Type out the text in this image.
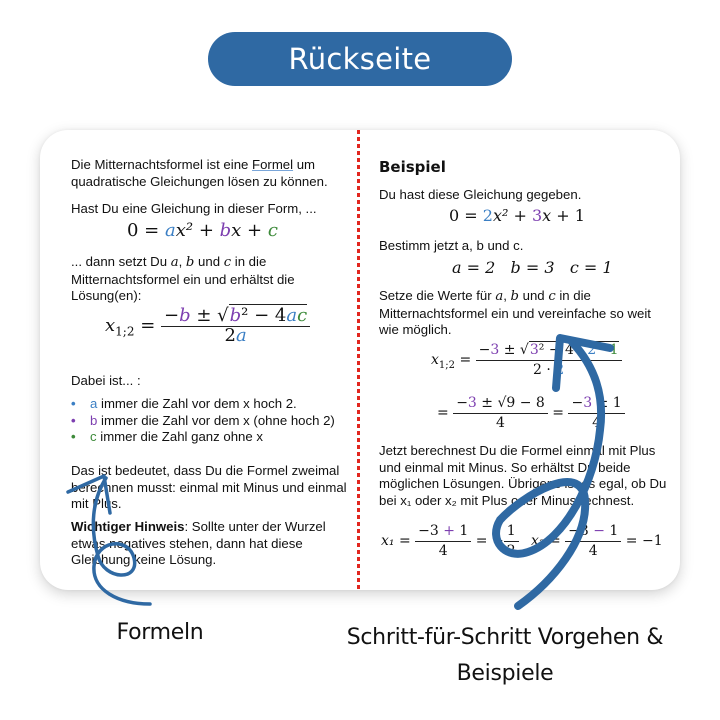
Rückseite
Die Mitternachtsformel ist eine Formel um quadratische Gleichungen lösen zu können.
Hast Du eine Gleichung in dieser Form, ...
0 = ax² + bx + c
... dann setzt Du a, b und c in die Mitternachtsformel ein und erhältst die Lösung(en):
$x_{1;2} = \frac{\text{−b ± √b² − 4ac}}{2a}$
Dabei ist... :
• a immer die Zahl vor dem x hoch 2.
• b immer die Zahl vor dem x (ohne hoch 2)
• c immer die Zahl ganz ohne x
Das ist bedeutet, dass Du die Formel zweimal berechnen musst: einmal mit Minus und einmal mit Plus.
Wichtiger Hinweis: Sollte unter der Wurzel etwas negatives stehen, dann hat diese Gleichung keine Lösung.
Beispiel
Du hast diese Gleichung gegeben.
0 = 2x² + 3x + 1
Bestimm jetzt a, b und c.
a = 2   b = 3   c = 1
Setze die Werte für a, b und c in die Mitternachtsformel ein und vereinfache so weit wie möglich.
$x_{1;2} = \frac{\text{−3 ± √3² − 4 · 2 · 1}}{2 \cdot 2}$
= $\frac{-3 \pm √9 - 8}{4} = \frac{-3 \pm 1}{4}$
Jetzt berechnest Du die Formel einmal mit Plus und einmal mit Minus. So erhältst Du beide möglichen Lösungen. Übrigens ist es egal, ob Du bei x₁ oder x₂ mit Plus oder Minus rechnest.
$x_1 = \frac{-3 + 1}{4}$ = − $\frac{1}{2} x_2 = \frac{-3 - 1}{4} = -1$
Formeln	Schritt-für-Schritt Vorgehen &
Beispiele
